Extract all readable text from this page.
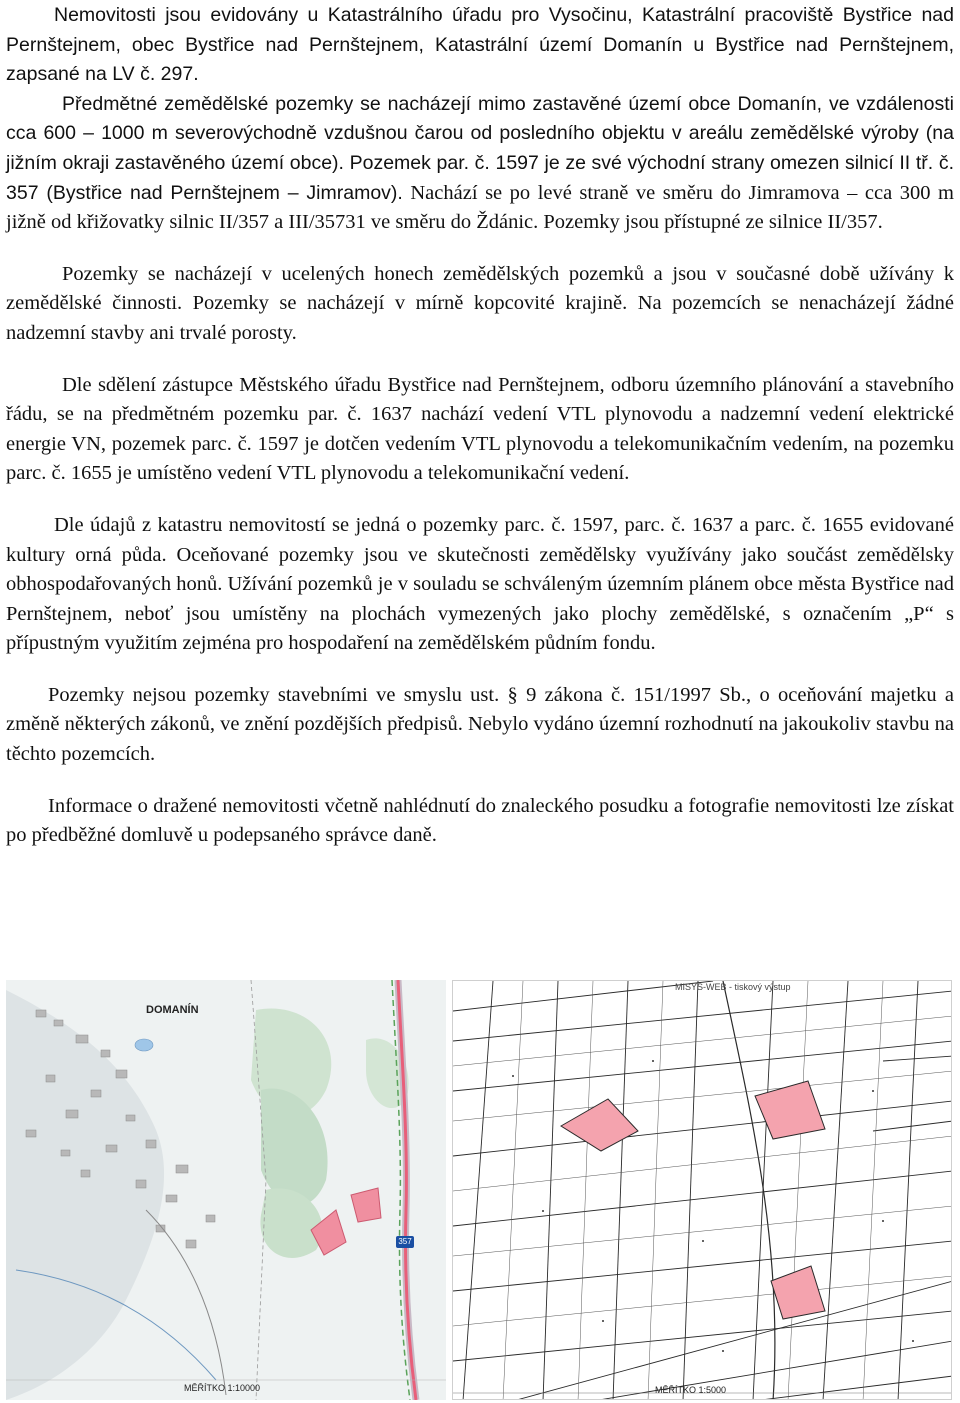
Nemovitosti jsou evidovány u Katastrálního úřadu pro Vysočinu, Katastrální pracoviště Bystřice nad Pernštejnem, obec Bystřice nad Pernštejnem, Katastrální území Domanín u Bystřice nad Pernštejnem, zapsané na LV č. 297.

Předmětné zemědělské pozemky se nacházejí mimo zastavěné území obce Domanín, ve vzdálenosti cca 600 – 1000 m severovýchodně vzdušnou čarou od posledního objektu v areálu zemědělské výroby (na jižním okraji zastavěného území obce). Pozemek par. č. 1597 je ze své východní strany omezen silnicí II tř. č. 357 (Bystřice nad Pernštejnem – Jimramov). Nachází se po levé straně ve směru do Jimramova – cca 300 m jižně od křižovatky silnic II/357 a III/35731 ve směru do Ždánic. Pozemky jsou přístupné ze silnice II/357.

Pozemky se nacházejí v ucelených honech zemědělských pozemků a jsou v současné době užívány k zemědělské činnosti. Pozemky se nacházejí v mírně kopcovité krajině. Na pozemcích se nenacházejí žádné nadzemní stavby ani trvalé porosty.

Dle sdělení zástupce Městského úřadu Bystřice nad Pernštejnem, odboru územního plánování a stavebního řádu, se na předmětném pozemku par. č. 1637 nachází vedení VTL plynovodu a nadzemní vedení elektrické energie VN, pozemek parc. č. 1597 je dotčen vedením VTL plynovodu a telekomunikačním vedením, na pozemku parc. č. 1655 je umístěno vedení VTL plynovodu a telekomunikační vedení.

Dle údajů z katastru nemovitostí se jedná o pozemky parc. č. 1597, parc. č. 1637 a parc. č. 1655 evidované kultury orná půda. Oceňované pozemky jsou ve skutečnosti zemědělsky využívány jako součást zemědělsky obhospodařovaných honů. Užívání pozemků je v souladu se schváleným územním plánem obce města Bystřice nad Pernštejnem, neboť jsou umístěny na plochách vymezených jako plochy zemědělské, s označením „P“ s přípustným využitím zejména pro hospodaření na zemědělském půdním fondu.

Pozemky nejsou pozemky stavebními ve smyslu ust. § 9 zákona č. 151/1997 Sb., o oceňování majetku a změně některých zákonů, ve znění pozdějších předpisů. Nebylo vydáno územní rozhodnutí na jakoukoliv stavbu na těchto pozemcích.

Informace o dražené nemovitosti včetně nahlédnutí do znaleckého posudku a fotografie nemovitosti lze získat po předběžné domluvě u podepsaného správce daně.

DOMANÍN
357
MĚŘÍTKO 1:10000
MISYS-WEB - tiskový výstup
MĚŘÍTKO 1:5000
